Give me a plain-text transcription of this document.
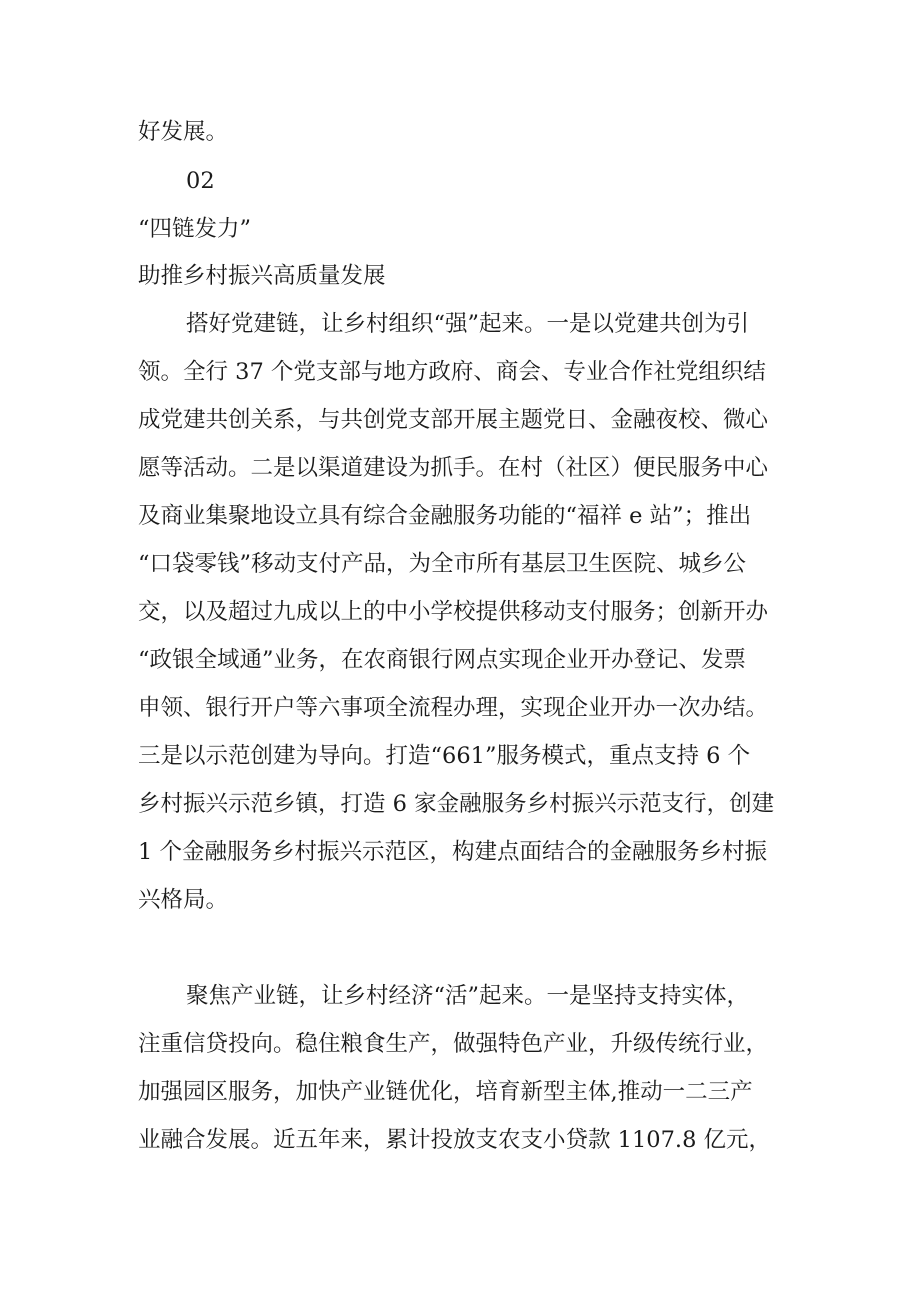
好发展。
02
“四链发力”
助推乡村振兴高质量发展
搭好党建链，让乡村组织“强”起来。一是以党建共创为引
领。全行 37 个党支部与地方政府、商会、专业合作社党组织结
成党建共创关系，与共创党支部开展主题党日、金融夜校、微心
愿等活动。二是以渠道建设为抓手。在村（社区）便民服务中心
及商业集聚地设立具有综合金融服务功能的“福祥 e 站”；推出
“口袋零钱”移动支付产品，为全市所有基层卫生医院、城乡公
交，以及超过九成以上的中小学校提供移动支付服务；创新开办
“政银全域通”业务，在农商银行网点实现企业开办登记、发票
申领、银行开户等六事项全流程办理，实现企业开办一次办结。
三是以示范创建为导向。打造“661”服务模式，重点支持 6 个
乡村振兴示范乡镇，打造 6 家金融服务乡村振兴示范支行，创建
1 个金融服务乡村振兴示范区，构建点面结合的金融服务乡村振
兴格局。
聚焦产业链，让乡村经济“活”起来。一是坚持支持实体，
注重信贷投向。稳住粮食生产，做强特色产业，升级传统行业，
加强园区服务，加快产业链优化，培育新型主体,推动一二三产
业融合发展。近五年来，累计投放支农支小贷款 1107.8 亿元，
